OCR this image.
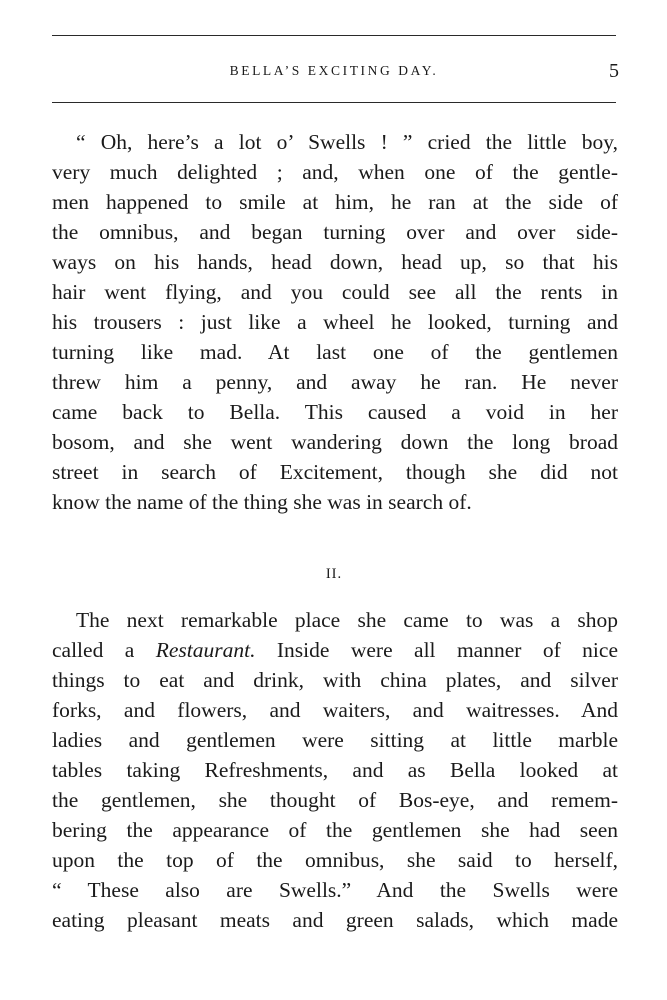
BELLA’S EXCITING DAY.	5
“ Oh, here’s a lot o’ Swells ! ” cried the little boy,
very much delighted ; and, when one of the gentle-
men happened to smile at him, he ran at the side of
the omnibus, and began turning over and over side-
ways on his hands, head down, head up, so that his
hair went flying, and you could see all the rents in
his trousers : just like a wheel he looked, turning and
turning like mad. At last one of the gentlemen
threw him a penny, and away he ran. He never
came back to Bella. This caused a void in her
bosom, and she went wandering down the long broad
street in search of Excitement, though she did not
know the name of the thing she was in search of.
II.
The next remarkable place she came to was a shop
called a Restaurant. Inside were all manner of nice
things to eat and drink, with china plates, and silver
forks, and flowers, and waiters, and waitresses. And
ladies and gentlemen were sitting at little marble
tables taking Refreshments, and as Bella looked at
the gentlemen, she thought of Bos-eye, and remem-
bering the appearance of the gentlemen she had seen
upon the top of the omnibus, she said to herself,
“ These also are Swells.” And the Swells were
eating pleasant meats and green salads, which made
